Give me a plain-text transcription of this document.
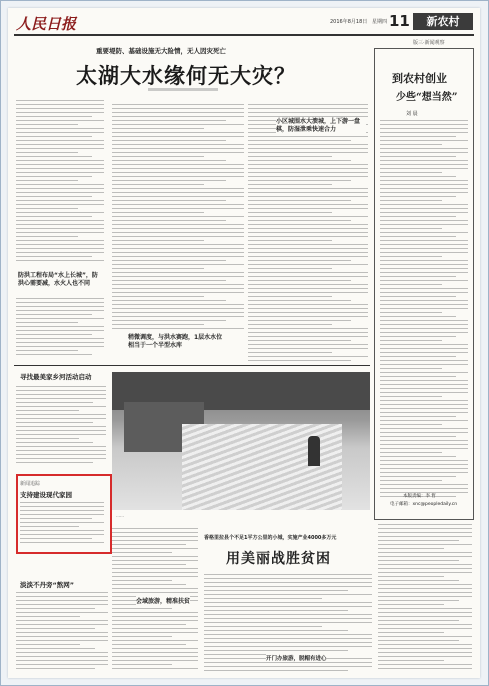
人民日报	2016年8月18日 星期四 11	新农村
版三·新闻观察
重要堤防、基础设施无大险情，无人因灾死亡
太湖大水缘何无大灾？
防洪工程布局“水上长城”，防洪心需要减，水火人也不同
稍微调度，与洪水赛跑，1层水水位相当于一个半型水库
小区城围水大溃城，上下游一盘棋，防湿泄乘快速合力
到农村创业
少些“想当然”
刘 晨
本版责编：李 哲
电子邮箱：xnc@peopledaily.cn
寻找最美家乡河活动启动
……
新闻追踪
支持建设现代家园
淡淡不丹旁“熬网”
会域旅游，精准扶贫
香格里拉县个不足1平方公里的小城，实施产业4000多万元
用美丽战胜贫困
开门办旅游，脱帽有进心
